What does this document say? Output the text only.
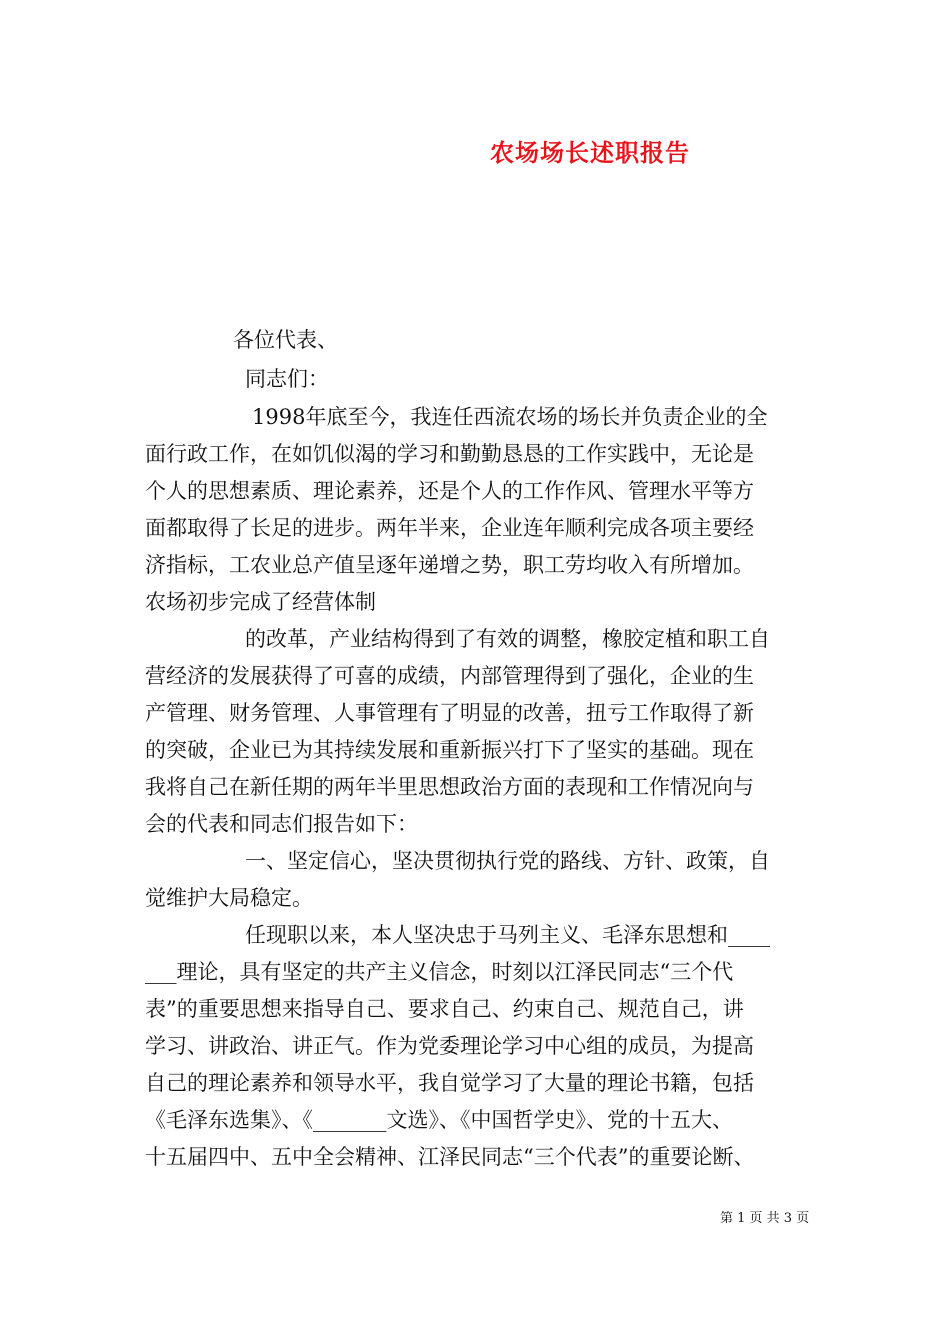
农场场长述职报告
各位代表、
同志们：
1998年底至今，我连任西流农场的场长并负责企业的全
面行政工作，在如饥似渴的学习和勤勤恳恳的工作实践中，无论是
个人的思想素质、理论素养，还是个人的工作作风、管理水平等方
面都取得了长足的进步。两年半来，企业连年顺利完成各项主要经
济指标，工农业总产值呈逐年递增之势，职工劳均收入有所增加。
农场初步完成了经营体制
的改革，产业结构得到了有效的调整，橡胶定植和职工自
营经济的发展获得了可喜的成绩，内部管理得到了强化，企业的生
产管理、财务管理、人事管理有了明显的改善，扭亏工作取得了新
的突破，企业已为其持续发展和重新振兴打下了坚实的基础。现在
我将自己在新任期的两年半里思想政治方面的表现和工作情况向与
会的代表和同志们报告如下：
一、坚定信心，坚决贯彻执行党的路线、方针、政策，自
觉维护大局稳定。
任现职以来，本人坚决忠于马列主义、毛泽东思想和____
___理论，具有坚定的共产主义信念，时刻以江泽民同志“三个代
表”的重要思想来指导自己、要求自己、约束自己、规范自己，讲
学习、讲政治、讲正气。作为党委理论学习中心组的成员，为提高
自己的理论素养和领导水平，我自觉学习了大量的理论书籍，包括
《毛泽东选集》、《_______文选》、《中国哲学史》、党的十五大、
十五届四中、五中全会精神、江泽民同志“三个代表”的重要论断、
第 1 页 共 3 页
